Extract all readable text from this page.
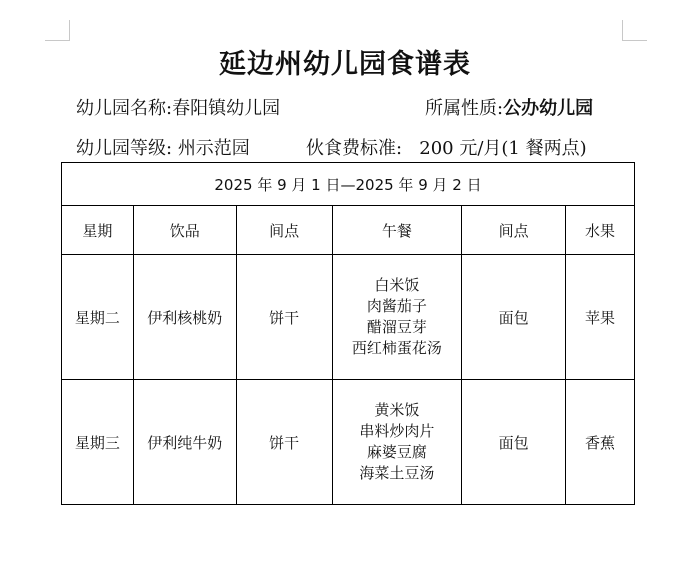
延边州幼儿园食谱表
幼儿园名称:春阳镇幼儿园	所属性质:公办幼儿园
幼儿园等级: 州示范园	伙食费标准: 200 元/月(1 餐两点)
2025 年 9 月 1 日—2025 年 9 月 2 日					
星期	饮品	间点	午餐	间点	水果
星期二	伊利核桃奶	饼干	白米饭
肉酱茄子
醋溜豆芽
西红柿蛋花汤	面包	苹果
星期三	伊利纯牛奶	饼干	黄米饭
串料炒肉片
麻婆豆腐
海菜土豆汤	面包	香蕉
